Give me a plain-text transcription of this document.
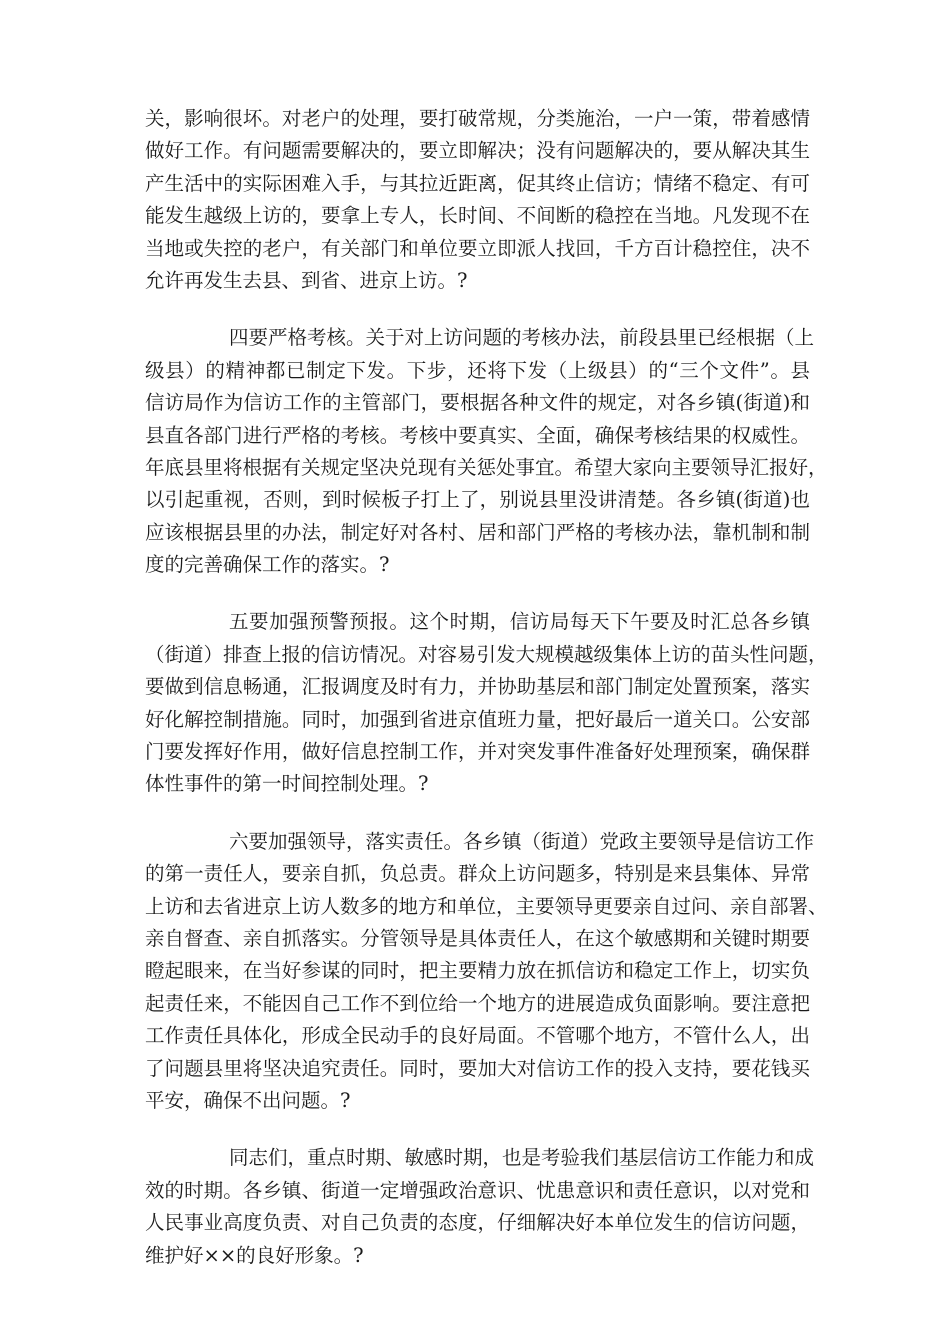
关，影响很坏。对老户的处理，要打破常规，分类施治，一户一策，带着感情
做好工作。有问题需要解决的，要立即解决；没有问题解决的，要从解决其生
产生活中的实际困难入手，与其拉近距离，促其终止信访；情绪不稳定、有可
能发生越级上访的，要拿上专人，长时间、不间断的稳控在当地。凡发现不在
当地或失控的老户，有关部门和单位要立即派人找回，千方百计稳控住，决不
允许再发生去县、到省、进京上访。?
四要严格考核。关于对上访问题的考核办法，前段县里已经根据（上
级县）的精神都已制定下发。下步，还将下发（上级县）的“三个文件”。县
信访局作为信访工作的主管部门，要根据各种文件的规定，对各乡镇(街道)和
县直各部门进行严格的考核。考核中要真实、全面，确保考核结果的权威性。
年底县里将根据有关规定坚决兑现有关惩处事宜。希望大家向主要领导汇报好，
以引起重视，否则，到时候板子打上了，别说县里没讲清楚。各乡镇(街道)也
应该根据县里的办法，制定好对各村、居和部门严格的考核办法，靠机制和制
度的完善确保工作的落实。?
五要加强预警预报。这个时期，信访局每天下午要及时汇总各乡镇
（街道）排查上报的信访情况。对容易引发大规模越级集体上访的苗头性问题，
要做到信息畅通，汇报调度及时有力，并协助基层和部门制定处置预案，落实
好化解控制措施。同时，加强到省进京值班力量，把好最后一道关口。公安部
门要发挥好作用，做好信息控制工作，并对突发事件准备好处理预案，确保群
体性事件的第一时间控制处理。?
六要加强领导，落实责任。各乡镇（街道）党政主要领导是信访工作
的第一责任人，要亲自抓，负总责。群众上访问题多，特别是来县集体、异常
上访和去省进京上访人数多的地方和单位，主要领导更要亲自过问、亲自部署、
亲自督查、亲自抓落实。分管领导是具体责任人，在这个敏感期和关键时期要
瞪起眼来，在当好参谋的同时，把主要精力放在抓信访和稳定工作上，切实负
起责任来，不能因自己工作不到位给一个地方的进展造成负面影响。要注意把
工作责任具体化，形成全民动手的良好局面。不管哪个地方，不管什么人，出
了问题县里将坚决追究责任。同时，要加大对信访工作的投入支持，要花钱买
平安，确保不出问题。?
同志们，重点时期、敏感时期，也是考验我们基层信访工作能力和成
效的时期。各乡镇、街道一定增强政治意识、忧患意识和责任意识，以对党和
人民事业高度负责、对自己负责的态度，仔细解决好本单位发生的信访问题，
维护好××的良好形象。?
